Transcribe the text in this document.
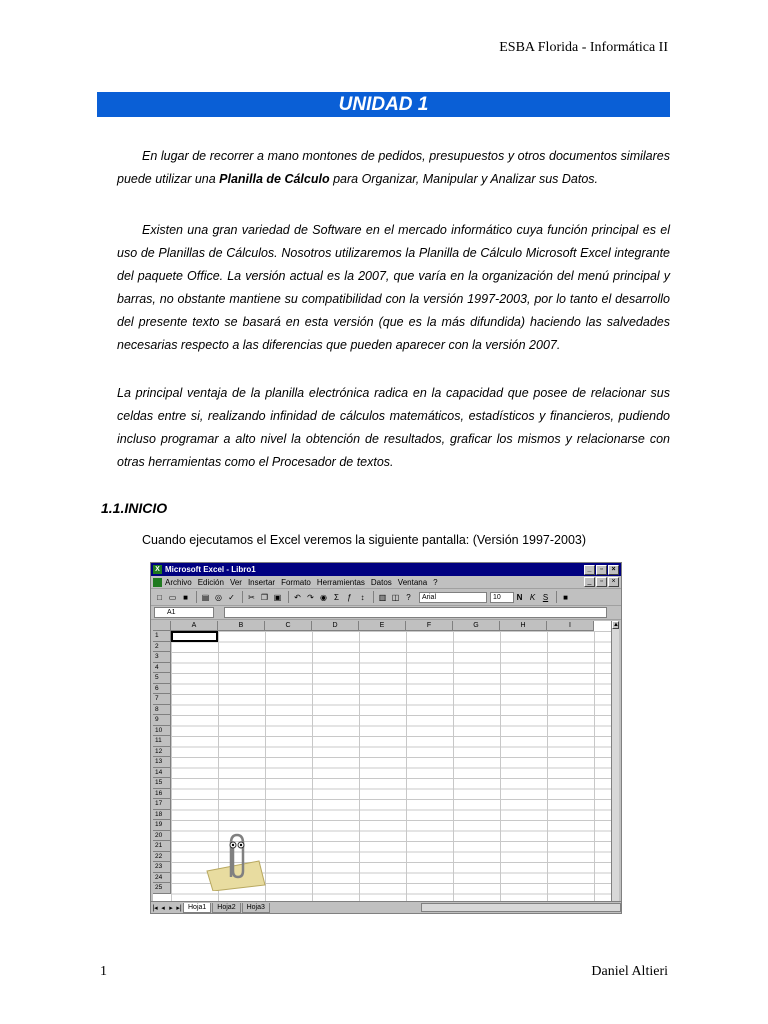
ESBA Florida - Informática II
UNIDAD 1

En lugar de recorrer a mano montones de pedidos, presupuestos y otros documentos similares puede utilizar una Planilla de Cálculo para Organizar, Manipular y Analizar sus Datos.

Existen una gran variedad de Software en el mercado informático cuya función principal es el uso de Planillas de Cálculos. Nosotros utilizaremos la Planilla de Cálculo Microsoft Excel integrante del paquete Office. La versión actual es la 2007, que varía en la organización del menú principal y barras, no obstante mantiene su compatibilidad con la versión 1997-2003, por lo tanto el desarrollo del presente texto se basará en esta versión (que es la más difundida) haciendo las salvedades necesarias respecto a las diferencias que pueden aparecer con la versión 2007.

La principal ventaja de la planilla electrónica radica en la capacidad que posee de relacionar sus celdas entre si, realizando infinidad de cálculos matemáticos, estadísticos y financieros, pudiendo incluso programar a alto nivel la obtención de resultados, graficar los mismos y relacionarse con otras herramientas como el Procesador de textos.

1.1.INICIO
Cuando ejecutamos el Excel veremos la siguiente pantalla: (Versión 1997-2003)
X Microsoft Excel - Libro1	_	▫	×
Archivo Edición Ver Insertar Formato Herramientas Datos Ventana ?	_	▫	×
□ ▭ ■	▤ ◎ ✓ ✂ ❐ ▣ ↶ ↷ ◉ Σ	ƒ	↕	▥ ◫ ?	Arial	10	N K S	■
A1
A	B	C	D	E	F	G	H	I
1
2
3
4
5
6
7
8
9
10
11
12
13
14
15
16
17
18
19
20
21
22
23
24
25
▲
|◂ ◂ ▸ ▸| Hoja1	Hoja2	Hoja3
1	Daniel Altieri
